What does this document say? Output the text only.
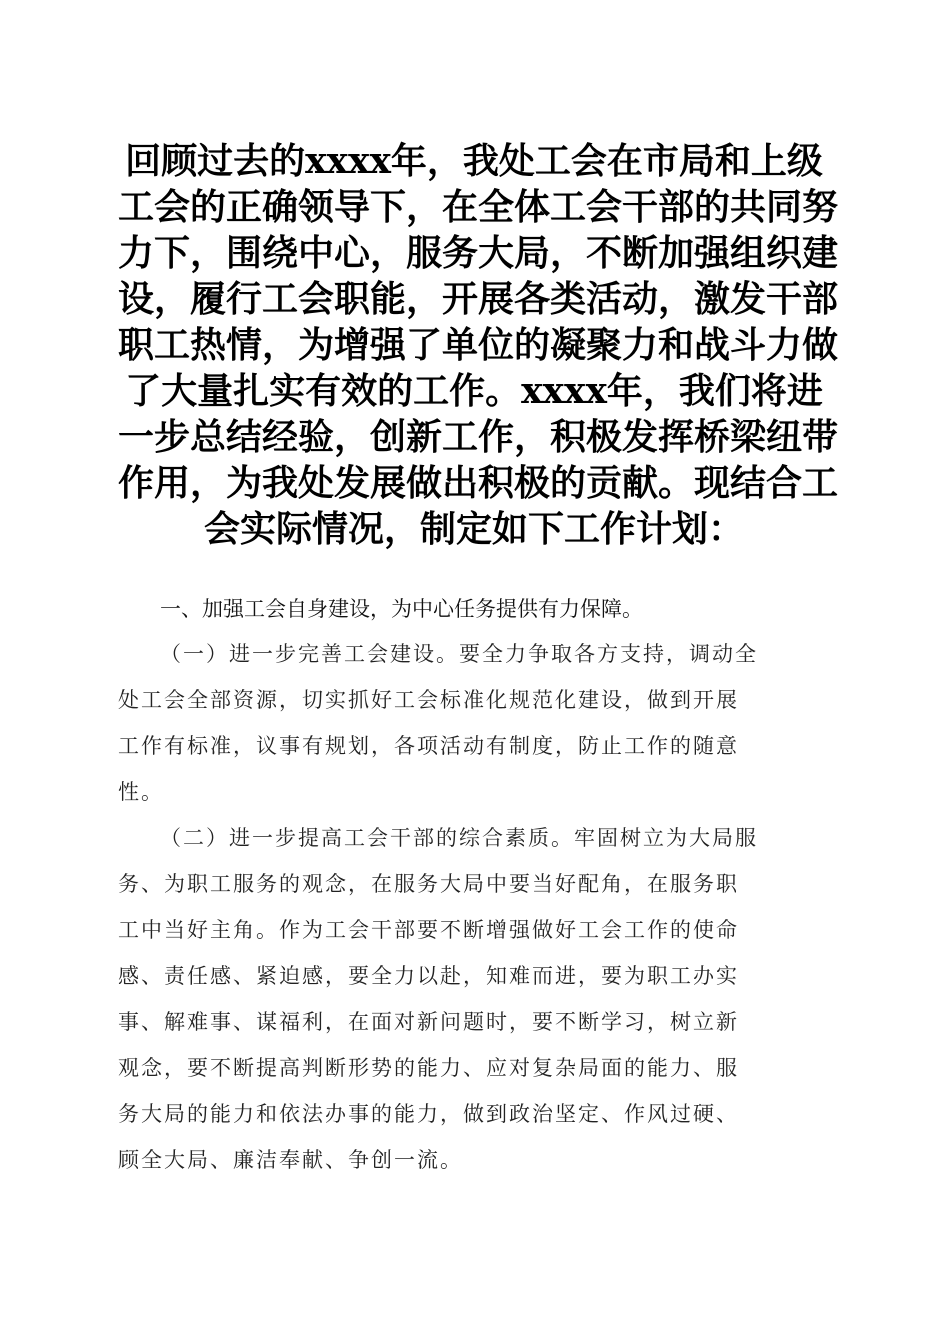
回顾过去的xxxx年，我处工会在市局和上级
工会的正确领导下，在全体工会干部的共同努
力下，围绕中心，服务大局，不断加强组织建
设，履行工会职能，开展各类活动，激发干部
职工热情，为增强了单位的凝聚力和战斗力做
了大量扎实有效的工作。xxxx年，我们将进
一步总结经验，创新工作，积极发挥桥梁纽带
作用，为我处发展做出积极的贡献。现结合工
会实际情况，制定如下工作计划：
一、加强工会自身建设，为中心任务提供有力保障。
（一）进一步完善工会建设。要全力争取各方支持，调动全
处工会全部资源，切实抓好工会标准化规范化建设，做到开展
工作有标准，议事有规划，各项活动有制度，防止工作的随意
性。
（二）进一步提高工会干部的综合素质。牢固树立为大局服
务、为职工服务的观念，在服务大局中要当好配角，在服务职
工中当好主角。作为工会干部要不断增强做好工会工作的使命
感、责任感、紧迫感，要全力以赴，知难而进，要为职工办实
事、解难事、谋福利，在面对新问题时，要不断学习，树立新
观念，要不断提高判断形势的能力、应对复杂局面的能力、服
务大局的能力和依法办事的能力，做到政治坚定、作风过硬、
顾全大局、廉洁奉献、争创一流。
